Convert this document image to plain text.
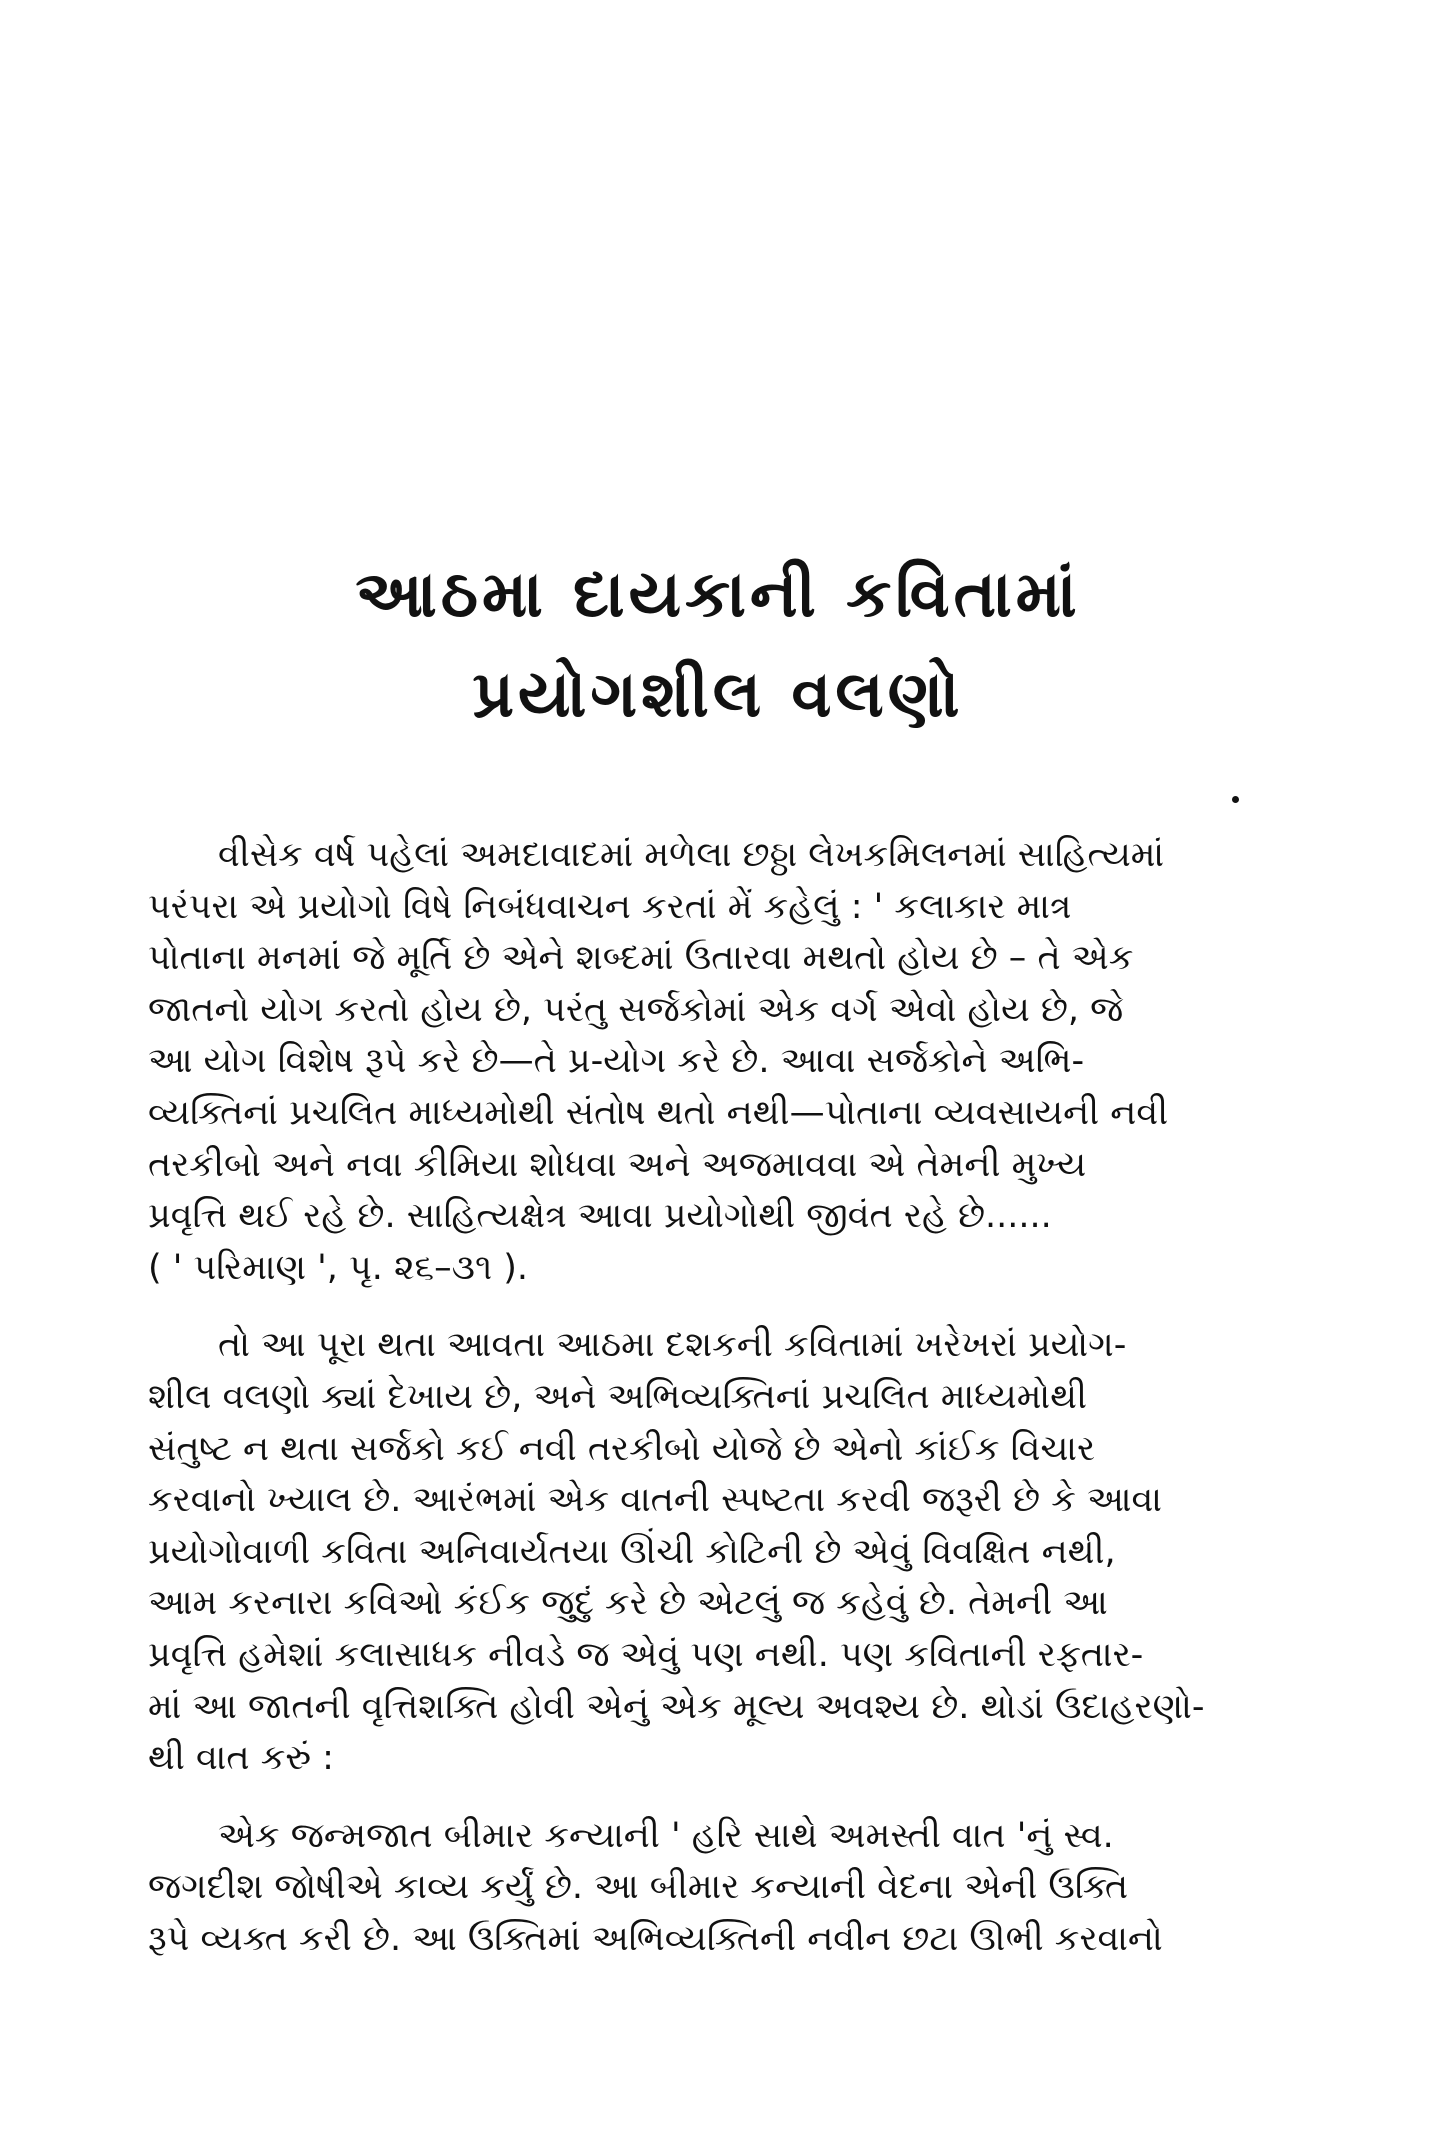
આઠમા દાયકાની કવિતામાં
પ્રયોગશીલ વલણો

વીસેક વર્ષ પહેલાં અમદાવાદમાં મળેલા છઠ્ઠા લેખકમિલનમાં સાહિત્યમાં
પરંપરા એ પ્રયોગો વિષે નિબંધવાચન કરતાં મેં કહેલું : ' કલાકાર માત્ર
પોતાના મનમાં જે મૂર્તિ છે એને શબ્દમાં ઉતારવા મથતો હોય છે – તે એક
જાતનો યોગ કરતો હોય છે, પરંતુ સર્જકોમાં એક વર્ગ એવો હોય છે, જે
આ યોગ વિશેષ રૂપે કરે છે—તે પ્ર-યોગ કરે છે. આવા સર્જકોને અભિ-
વ્યક્તિનાં પ્રચલિત માધ્યમોથી સંતોષ થતો નથી—પોતાના વ્યવસાયની નવી
તરકીબો અને નવા કીમિયા શોધવા અને અજમાવવા એ તેમની મુખ્ય
પ્રવૃત્તિ થઈ રહે છે. સાહિત્યક્ષેત્ર આવા પ્રયોગોથી જીવંત રહે છે......
( ' પરિમાણ ', પૃ. ૨૬–૩૧ ).

તો આ પૂરા થતા આવતા આઠમા દશકની કવિતામાં ખરેખરાં પ્રયોગ-
શીલ વલણો ક્યાં દેખાય છે, અને અભિવ્યક્તિનાં પ્રચલિત માધ્યમોથી
સંતુષ્ટ ન થતા સર્જકો કઈ નવી તરકીબો યોજે છે એનો કાંઈક વિચાર
કરવાનો ખ્યાલ છે. આરંભમાં એક વાતની સ્પષ્ટતા કરવી જરૂરી છે કે આવા
પ્રયોગોવાળી કવિતા અનિવાર્યતયા ઊંચી કોટિની છે એવું વિવક્ષિત નથી,
આમ કરનારા કવિઓ કંઈક જુદું કરે છે એટલું જ કહેવું છે. તેમની આ
પ્રવૃત્તિ હમેશાં કલાસાધક નીવડે જ એવું પણ નથી. પણ કવિતાની રફતાર-
માં આ જાતની વૃત્તિશક્તિ હોવી એનું એક મૂલ્ય અવશ્ય છે. થોડાં ઉદાહરણો-
થી વાત કરું :

એક જન્મજાત બીમાર કન્યાની ' હરિ સાથે અમસ્તી વાત 'નું સ્વ.
જગદીશ જોષીએ કાવ્ય કર્યું છે. આ બીમાર કન્યાની વેદના એની ઉક્તિ
રૂપે વ્યક્ત કરી છે. આ ઉક્તિમાં અભિવ્યક્તિની નવીન છટા ઊભી કરવાનો
